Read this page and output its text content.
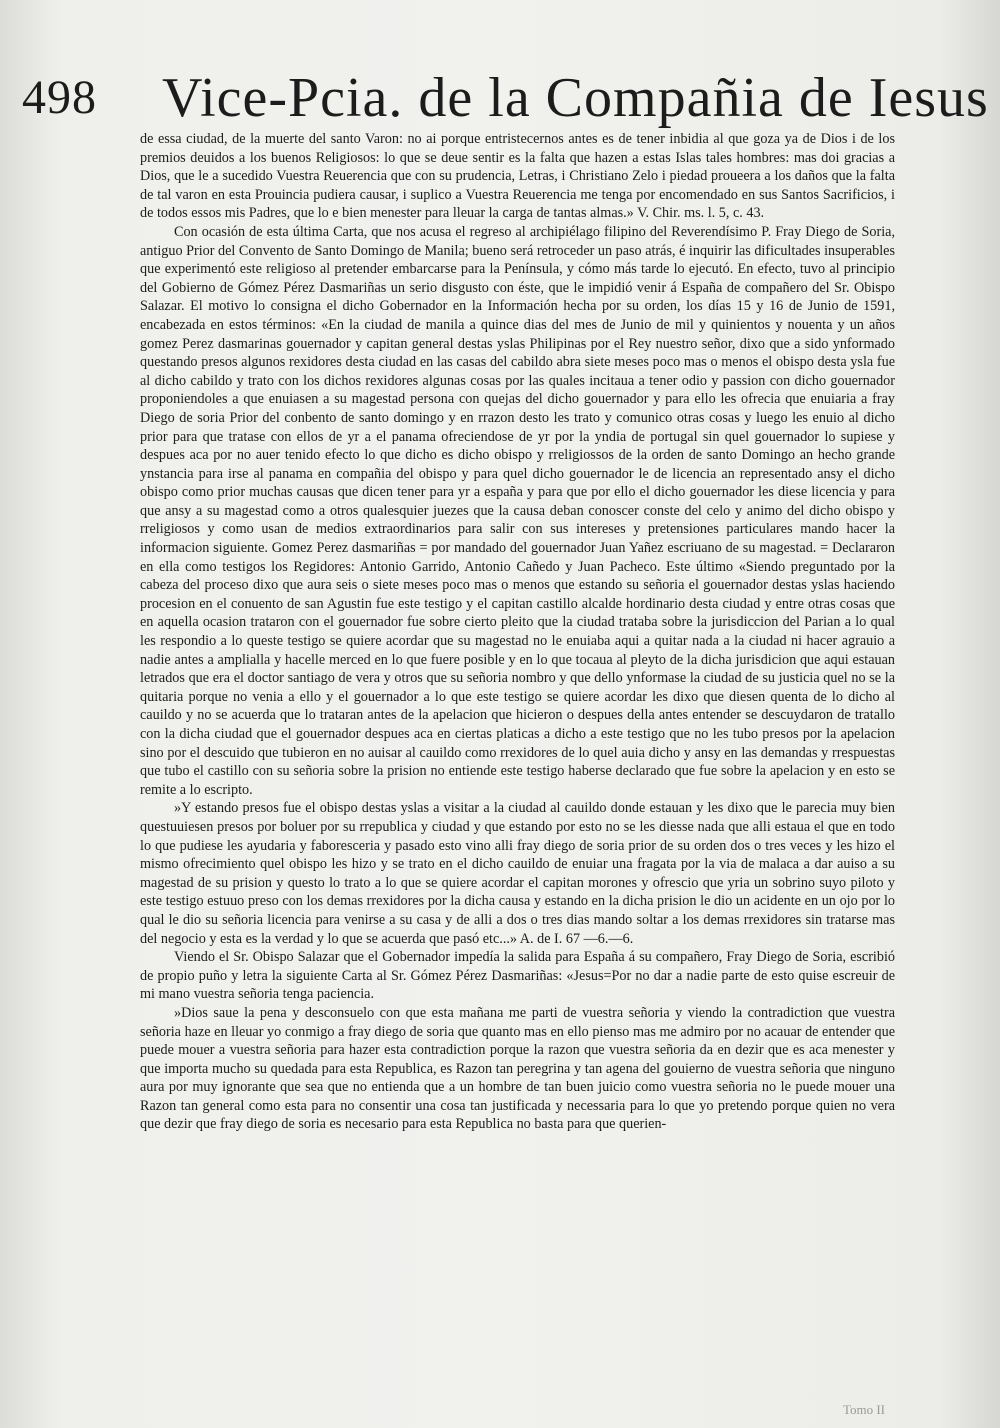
498 Vice-Pcia. de la Compañia de Iesus

de essa ciudad, de la muerte del santo Varon: no ai porque entristecernos antes es de tener inbidia al que goza ya de Dios i de los premios deuidos a los buenos Religiosos: lo que se deue sentir es la falta que hazen a estas Islas tales hombres: mas doi gracias a Dios, que le a sucedido Vuestra Reuerencia que con su prudencia, Letras, i Christiano Zelo i piedad proueera a los daños que la falta de tal varon en esta Prouincia pudiera causar, i suplico a Vuestra Reuerencia me tenga por encomendado en sus Santos Sacrificios, i de todos essos mis Padres, que lo e bien menester para lleuar la carga de tantas almas.» V. Chir. ms. l. 5, c. 43.

Con ocasión de esta última Carta, que nos acusa el regreso al archipiélago filipino del Reverendísimo P. Fray Diego de Soria, antiguo Prior del Convento de Santo Domingo de Manila; bueno será retroceder un paso atrás, é inquirir las dificultades insuperables que experimentó este religioso al pretender embarcarse para la Península, y cómo más tarde lo ejecutó. En efecto, tuvo al principio del Gobierno de Gómez Pérez Dasmariñas un serio disgusto con éste, que le impidió venir á España de compañero del Sr. Obispo Salazar. El motivo lo consigna el dicho Gobernador en la Información hecha por su orden, los días 15 y 16 de Junio de 1591, encabezada en estos términos: «En la ciudad de manila a quince dias del mes de Junio de mil y quinientos y nouenta y un años gomez Perez dasmarinas gouernador y capitan general destas yslas Philipinas por el Rey nuestro señor, dixo que a sido ynformado questando presos algunos rexidores desta ciudad en las casas del cabildo abra siete meses poco mas o menos el obispo desta ysla fue al dicho cabildo y trato con los dichos rexidores algunas cosas por las quales incitaua a tener odio y passion con dicho gouernador proponiendoles a que enuiasen a su magestad persona con quejas del dicho gouernador y para ello les ofrecia que enuiaria a fray Diego de soria Prior del conbento de santo domingo y en rrazon desto les trato y comunico otras cosas y luego les enuio al dicho prior para que tratase con ellos de yr a el panama ofreciendose de yr por la yndia de portugal sin quel gouernador lo supiese y despues aca por no auer tenido efecto lo que dicho es dicho obispo y rreligiossos de la orden de santo Domingo an hecho grande ynstancia para irse al panama en compañia del obispo y para quel dicho gouernador le de licencia an representado ansy el dicho obispo como prior muchas causas que dicen tener para yr a españa y para que por ello el dicho gouernador les diese licencia y para que ansy a su magestad como a otros qualesquier juezes que la causa deban conoscer conste del celo y animo del dicho obispo y rreligiosos y como usan de medios extraordinarios para salir con sus intereses y pretensiones particulares mando hacer la informacion siguiente. Gomez Perez dasmariñas = por mandado del gouernador Juan Yañez escriuano de su magestad. = Declararon en ella como testigos los Regidores: Antonio Garrido, Antonio Cañedo y Juan Pacheco. Este último «Siendo preguntado por la cabeza del proceso dixo que aura seis o siete meses poco mas o menos que estando su señoria el gouernador destas yslas haciendo procesion en el conuento de san Agustin fue este testigo y el capitan castillo alcalde hordinario desta ciudad y entre otras cosas que en aquella ocasion trataron con el gouernador fue sobre cierto pleito que la ciudad trataba sobre la jurisdiccion del Parian a lo qual les respondio a lo queste testigo se quiere acordar que su magestad no le enuiaba aqui a quitar nada a la ciudad ni hacer agrauio a nadie antes a amplialla y hacelle merced en lo que fuere posible y en lo que tocaua al pleyto de la dicha jurisdicion que aqui estauan letrados que era el doctor santiago de vera y otros que su señoria nombro y que dello ynformase la ciudad de su justicia quel no se la quitaria porque no venia a ello y el gouernador a lo que este testigo se quiere acordar les dixo que diesen quenta de lo dicho al cauildo y no se acuerda que lo trataran antes de la apelacion que hicieron o despues della antes entender se descuydaron de tratallo con la dicha ciudad que el gouernador despues aca en ciertas platicas a dicho a este testigo que no les tubo presos por la apelacion sino por el descuido que tubieron en no auisar al cauildo como rrexidores de lo quel auia dicho y ansy en las demandas y rrespuestas que tubo el castillo con su señoria sobre la prision no entiende este testigo haberse declarado que fue sobre la apelacion y en esto se remite a lo escripto.

»Y estando presos fue el obispo destas yslas a visitar a la ciudad al cauildo donde estauan y les dixo que le parecia muy bien questuuiesen presos por boluer por su rrepublica y ciudad y que estando por esto no se les diesse nada que alli estaua el que en todo lo que pudiese les ayudaria y faboresceria y pasado esto vino alli fray diego de soria prior de su orden dos o tres veces y les hizo el mismo ofrecimiento quel obispo les hizo y se trato en el dicho cauildo de enuiar una fragata por la via de malaca a dar auiso a su magestad de su prision y questo lo trato a lo que se quiere acordar el capitan morones y ofrescio que yria un sobrino suyo piloto y este testigo estuuo preso con los demas rrexidores por la dicha causa y estando en la dicha prision le dio un acidente en un ojo por lo qual le dio su señoria licencia para venirse a su casa y de alli a dos o tres dias mando soltar a los demas rrexidores sin tratarse mas del negocio y esta es la verdad y lo que se acuerda que pasó etc...» A. de I. 67 —6.—6.

Viendo el Sr. Obispo Salazar que el Gobernador impedía la salida para España á su compañero, Fray Diego de Soria, escribió de propio puño y letra la siguiente Carta al Sr. Gómez Pérez Dasmariñas: «Jesus=Por no dar a nadie parte de esto quise escreuir de mi mano vuestra señoria tenga paciencia.

»Dios saue la pena y desconsuelo con que esta mañana me parti de vuestra señoria y viendo la contradiction que vuestra señoria haze en lleuar yo conmigo a fray diego de soria que quanto mas en ello pienso mas me admiro por no acauar de entender que puede mouer a vuestra señoria para hazer esta contradiction porque la razon que vuestra señoria da en dezir que es aca menester y que importa mucho su quedada para esta Republica, es Razon tan peregrina y tan agena del gouierno de vuestra señoria que ninguno aura por muy ignorante que sea que no entienda que a un hombre de tan buen juicio como vuestra señoria no le puede mouer una Razon tan general como esta para no consentir una cosa tan justificada y necessaria para lo que yo pretendo porque quien no vera que dezir que fray diego de soria es necesario para esta Republica no basta para que querien-

Tomo II
